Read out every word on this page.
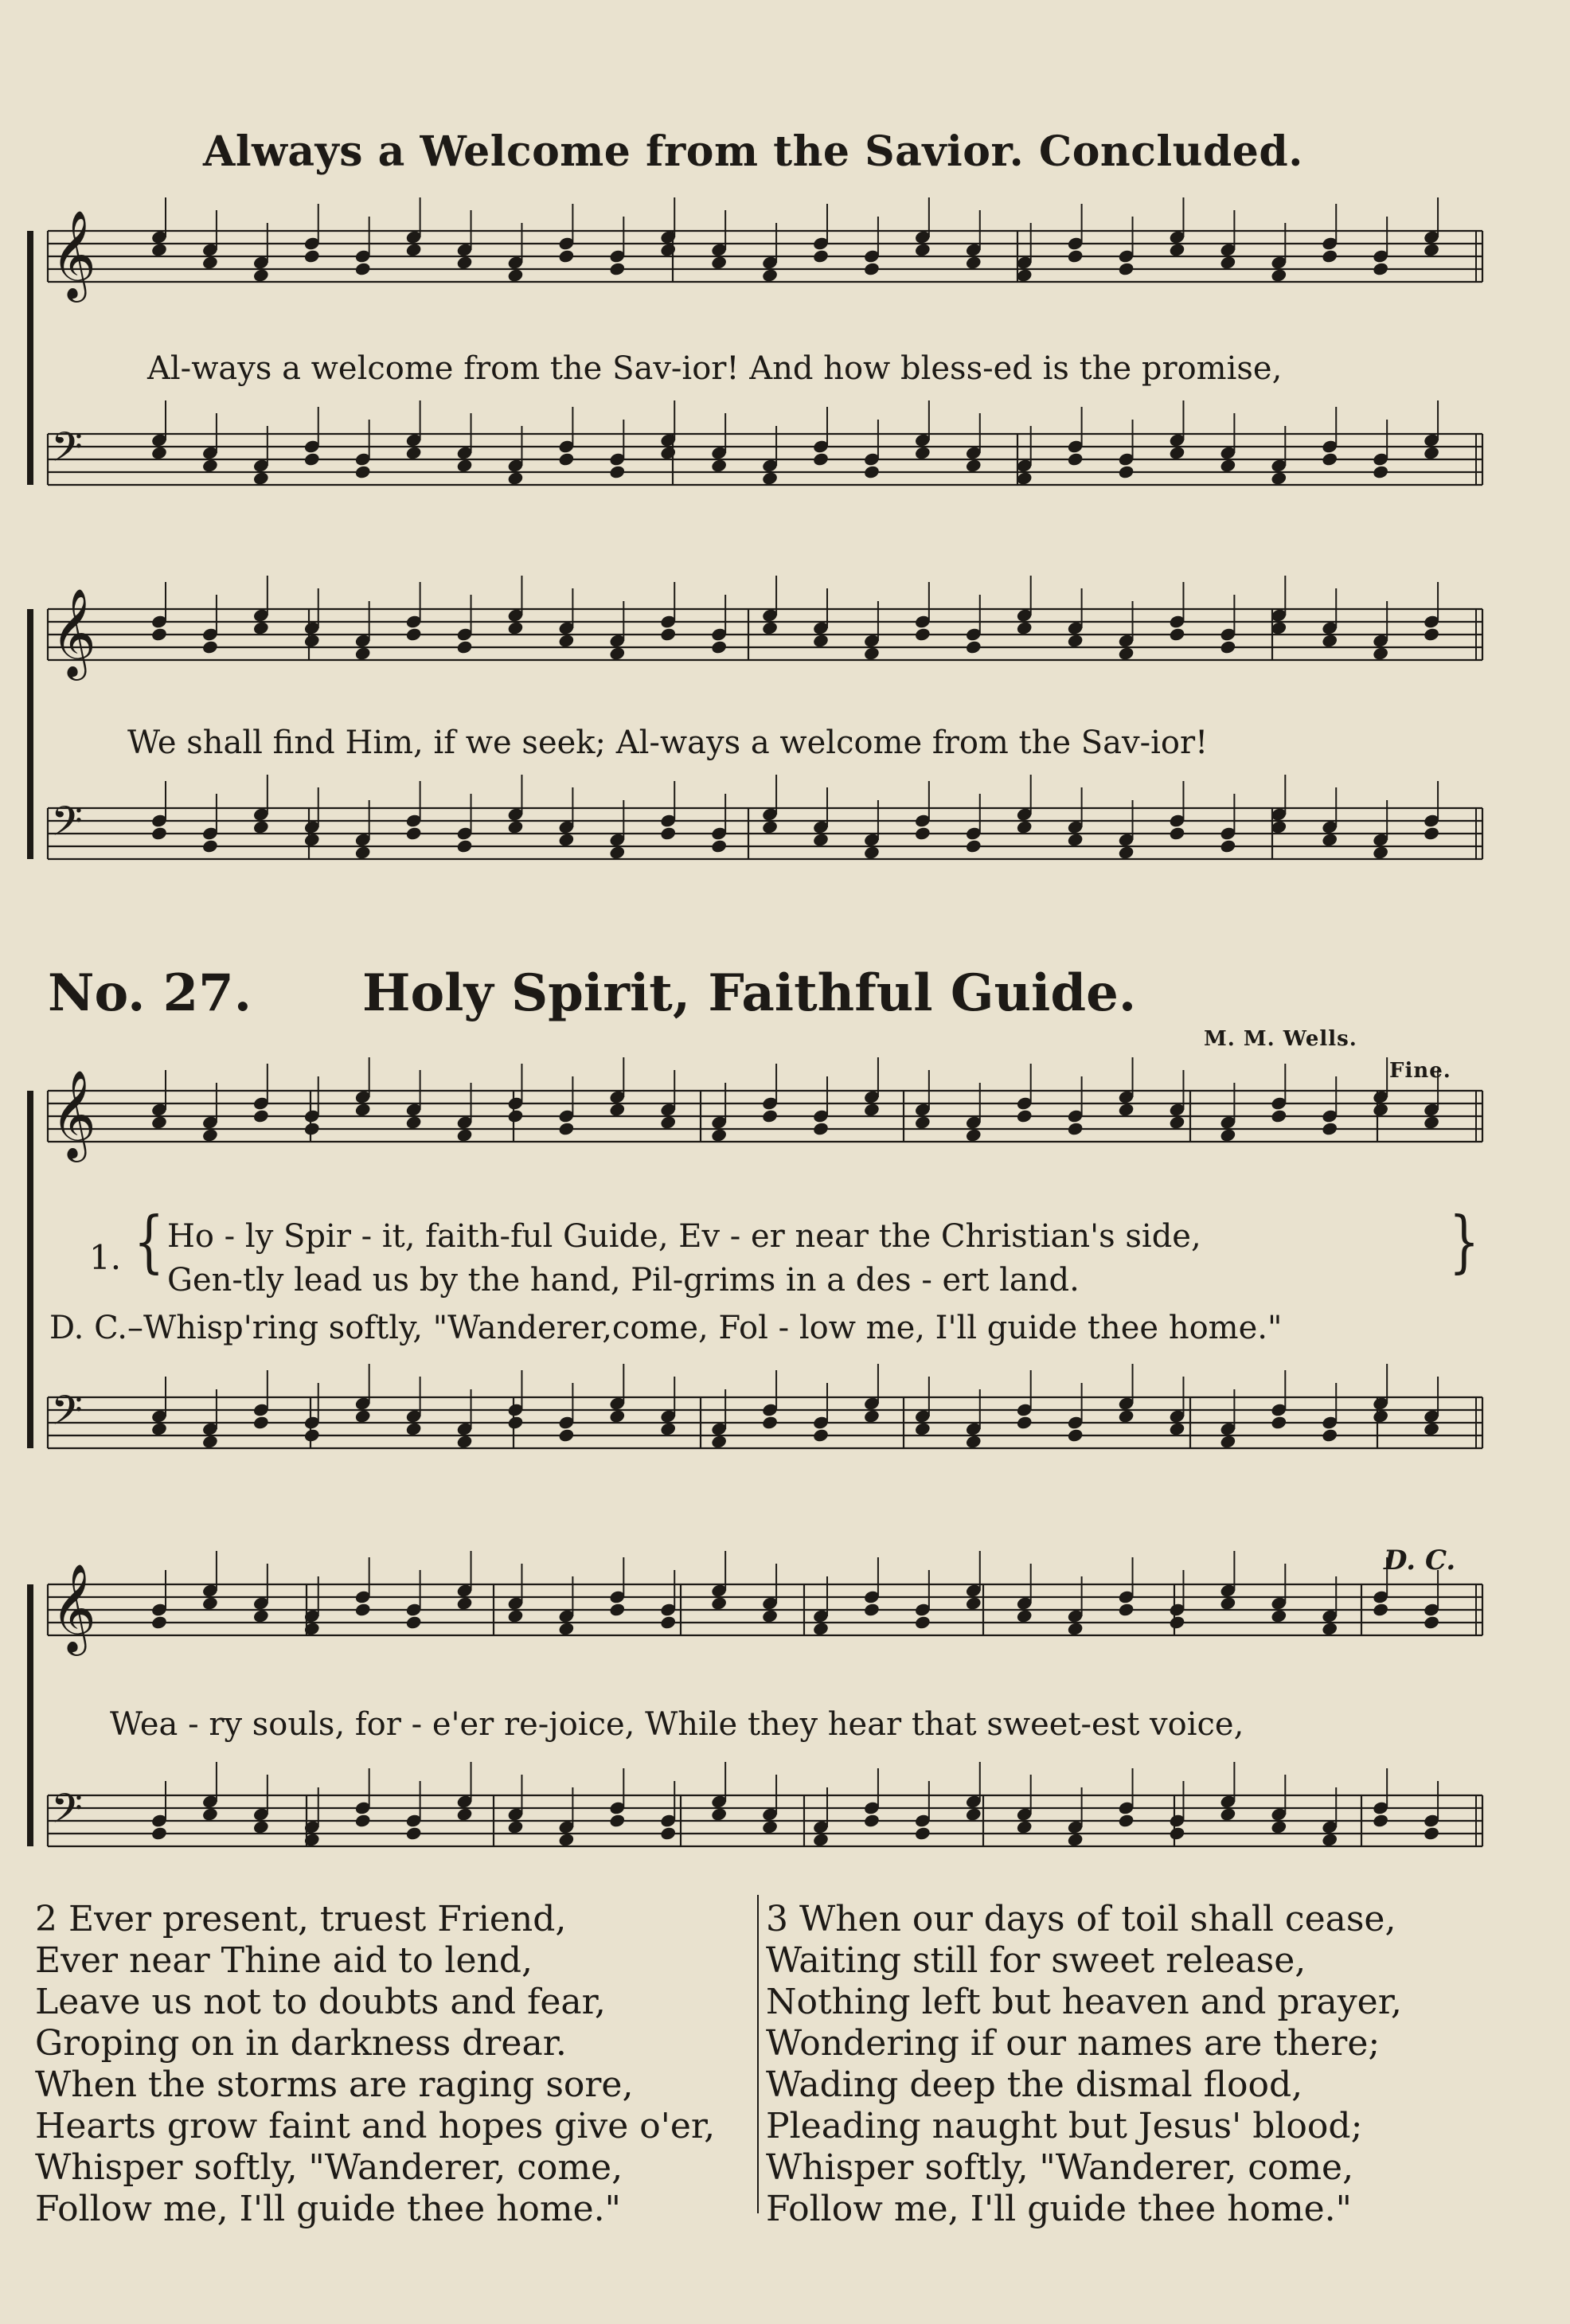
𝄞
𝄢
𝄞
𝄢
𝄞
𝄢
𝄞
𝄢
Always a Welcome from the Savior. Concluded.
Al-ways a welcome from the Sav-ior! And how bless-ed is the promise,
We shall find Him, if we seek; Al-ways a welcome from the Sav-ior!
No. 27. Holy Spirit, Faithful Guide.
M. M. Wells.
Fine.
1. {	}
Ho - ly Spir - it, faith-ful Guide, Ev - er near the Christian's side,
Gen-tly lead us by the hand, Pil-grims in a des - ert land.
D. C.–Whisp'ring softly, "Wanderer,come, Fol - low me, I'll guide thee home."
D. C.
Wea - ry souls, for - e'er re-joice, While they hear that sweet-est voice,
2 Ever present, truest Friend,
Ever near Thine aid to lend,
Leave us not to doubts and fear,
Groping on in darkness drear.
When the storms are raging sore,
Hearts grow faint and hopes give o'er,
Whisper softly, "Wanderer, come,
Follow me, I'll guide thee home."
3 When our days of toil shall cease,
Waiting still for sweet release,
Nothing left but heaven and prayer,
Wondering if our names are there;
Wading deep the dismal flood,
Pleading naught but Jesus' blood;
Whisper softly, "Wanderer, come,
Follow me, I'll guide thee home."
